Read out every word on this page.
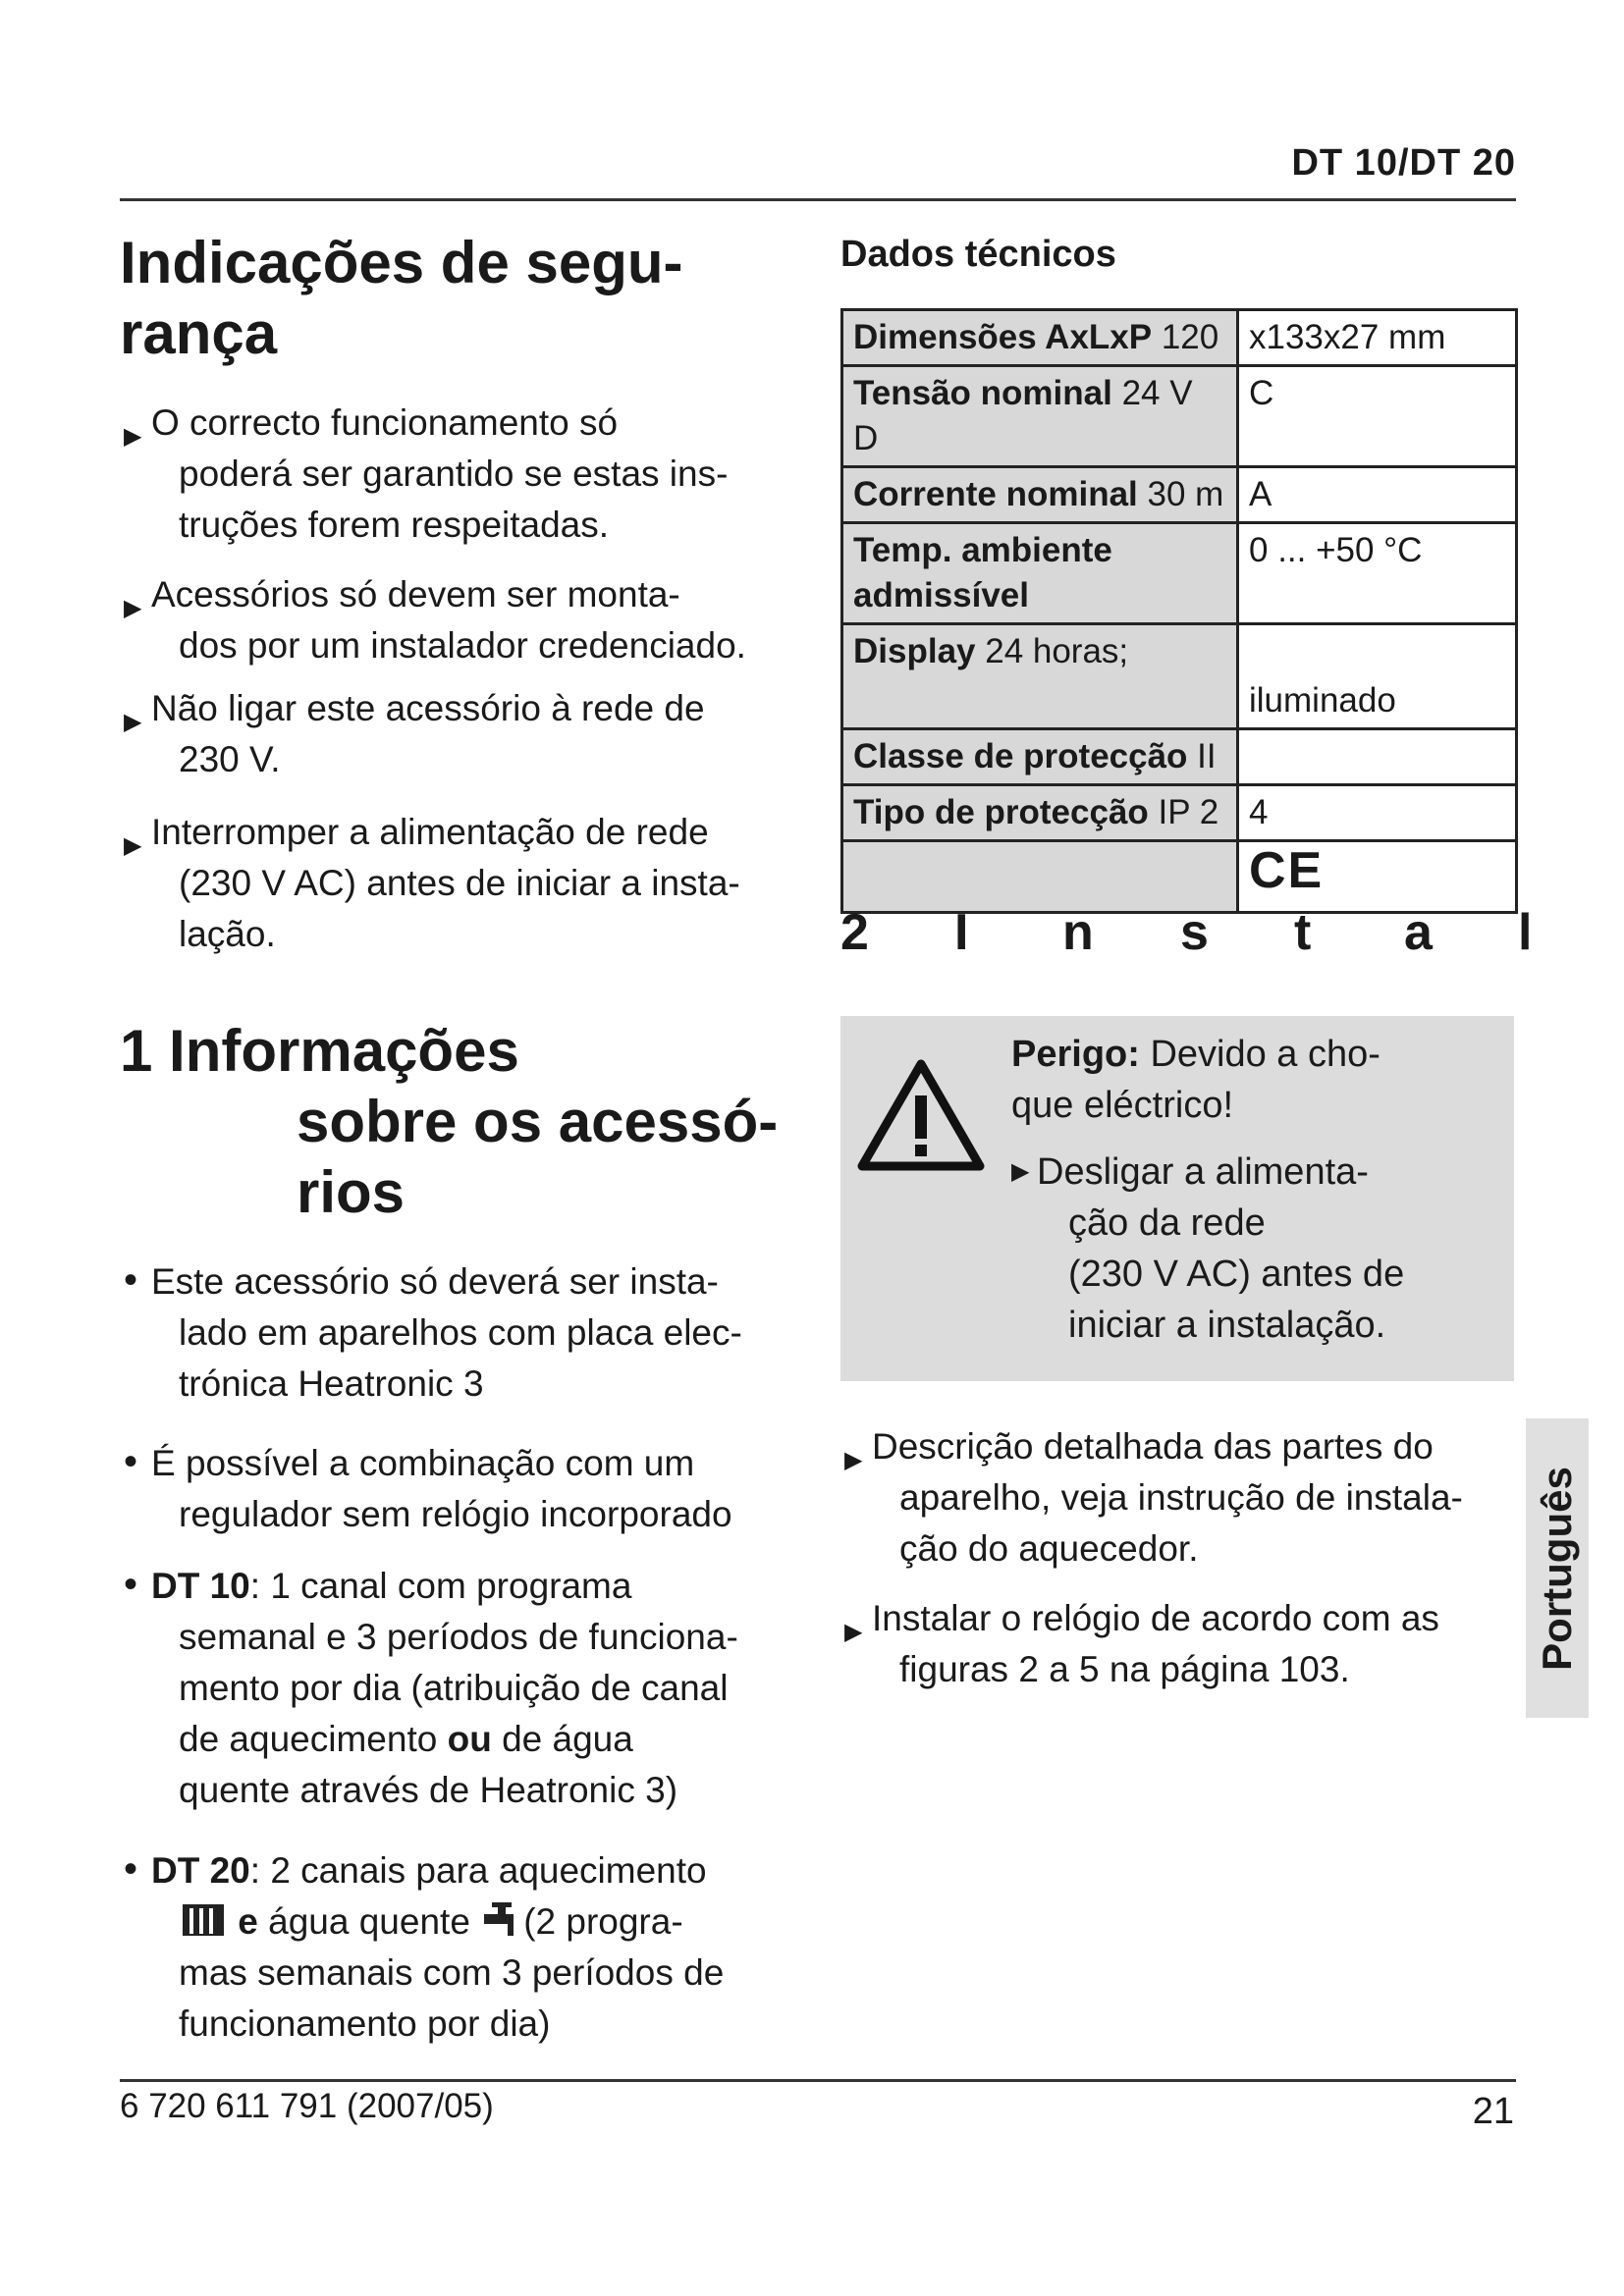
DT 10/DT 20

Indicações de segu-

rança

▶ O correcto funcionamento só

poderá ser garantido se estas ins-

truções forem respeitadas.

▶ Acessórios só devem ser monta-

dos por um instalador credenciado.

▶ Não ligar este acessório à rede de

230 V.

▶ Interromper a alimentação de rede

(230 V AC) antes de iniciar a insta-

lação.

1 Informações

sobre os acessó-

rios

• Este acessório só deverá ser insta-

lado em aparelhos com placa elec-

trónica Heatronic 3

• É possível a combinação com um

regulador sem relógio incorporado

• DT 10: 1 canal com programa

semanal e 3 períodos de funciona-

mento por dia (atribuição de canal

de aquecimento ou de água

quente através de Heatronic 3)

• DT 20: 2 canais para aquecimento

e água quente (2 progra-

mas semanais com 3 períodos de

funcionamento por dia)

Dados técnicos
Dimensões AxLxP 120	x133x27 mm
Tensão nominal 24 V D	C
Corrente nominal 30 m	A
Temp. ambiente admissível	0 ... +50 °C
Display 24 horas;	iluminado
Classe de protecção II	
Tipo de protecção IP 2	4
	CE
2 I n s t a l
Perigo: Devido a cho-
que eléctrico!
▶ Desligar a alimenta-
ção da rede
(230 V AC) antes de
iniciar a instalação.
▶ Descrição detalhada das partes do

aparelho, veja instrução de instala-

ção do aquecedor.

▶ Instalar o relógio de acordo com as

figuras 2 a 5 na página 103.	Português
6 720 611 791 (2007/05)	21
